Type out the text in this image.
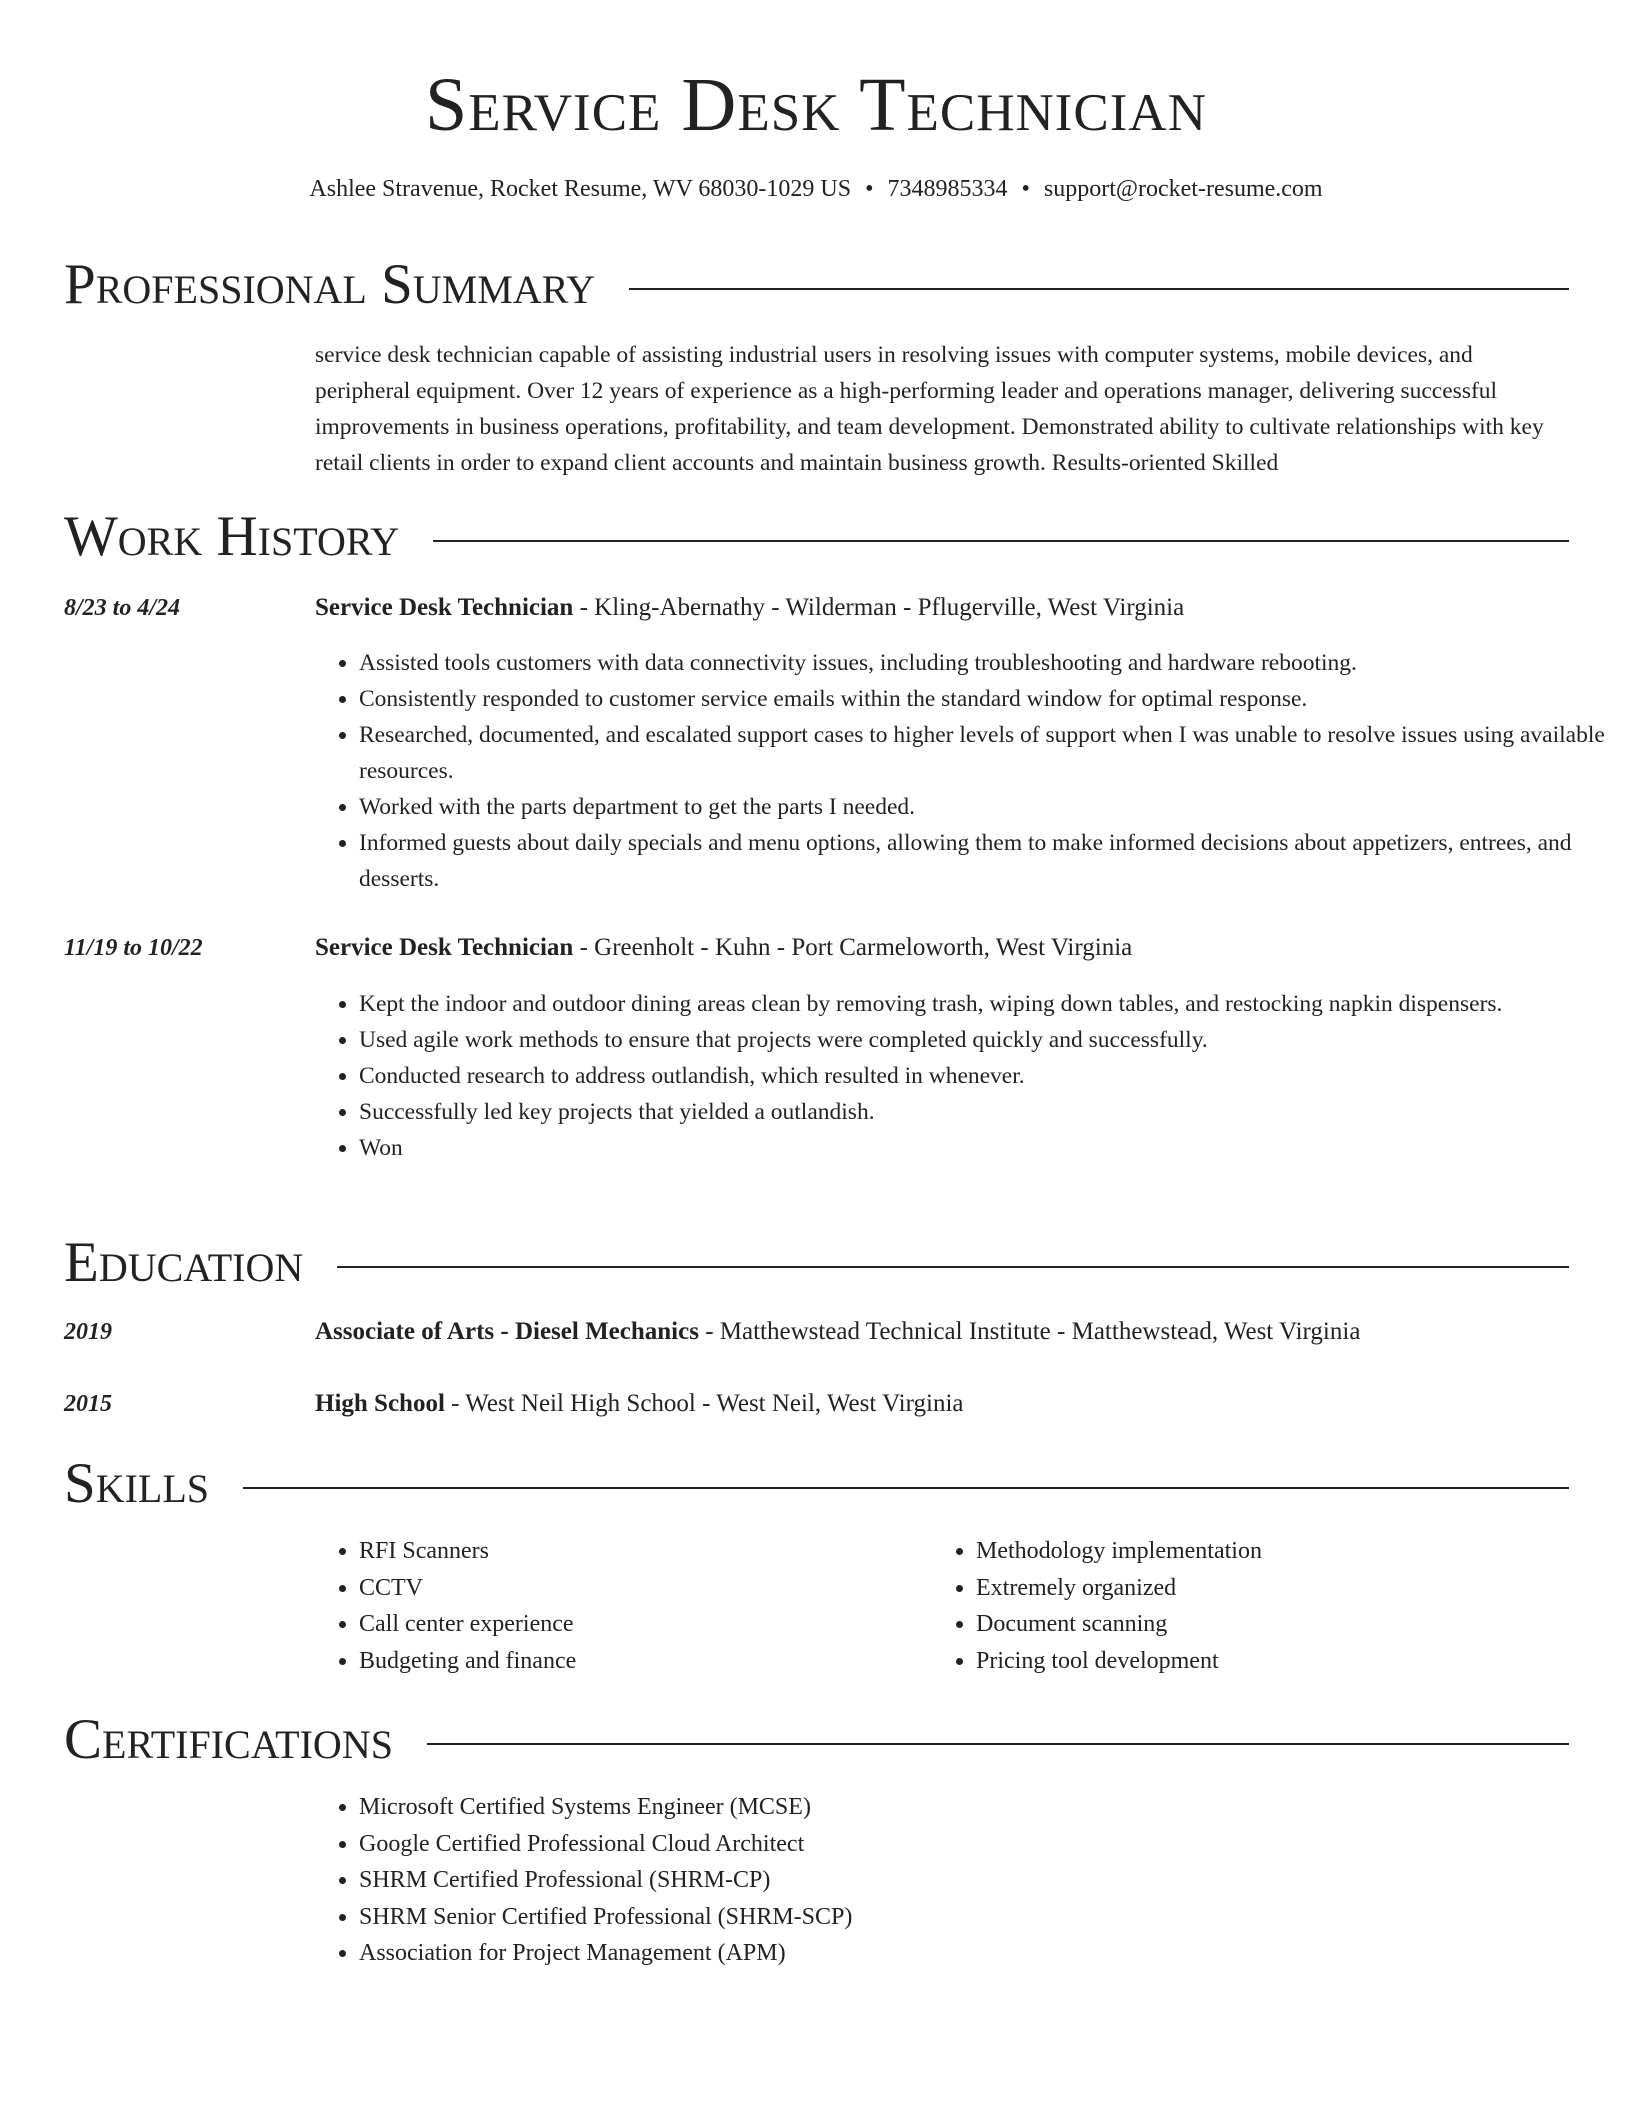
Service Desk Technician
Ashlee Stravenue, Rocket Resume, WV 68030-1029 US • 7348985334 • support@rocket-resume.com
Professional Summary
service desk technician capable of assisting industrial users in resolving issues with computer systems, mobile devices, and peripheral equipment. Over 12 years of experience as a high-performing leader and operations manager, delivering successful improvements in business operations, profitability, and team development. Demonstrated ability to cultivate relationships with key retail clients in order to expand client accounts and maintain business growth. Results-oriented Skilled
Work History
8/23 to 4/24	Service Desk Technician - Kling-Abernathy - Wilderman - Pflugerville, West Virginia
• Assisted tools customers with data connectivity issues, including troubleshooting and hardware rebooting.
• Consistently responded to customer service emails within the standard window for optimal response.
• Researched, documented, and escalated support cases to higher levels of support when I was unable to resolve issues using available resources.
• Worked with the parts department to get the parts I needed.
• Informed guests about daily specials and menu options, allowing them to make informed decisions about appetizers, entrees, and desserts.
11/19 to 10/22	Service Desk Technician - Greenholt - Kuhn - Port Carmeloworth, West Virginia
• Kept the indoor and outdoor dining areas clean by removing trash, wiping down tables, and restocking napkin dispensers.
• Used agile work methods to ensure that projects were completed quickly and successfully.
• Conducted research to address outlandish, which resulted in whenever.
• Successfully led key projects that yielded a outlandish.
• Won
Education
2019	Associate of Arts - Diesel Mechanics - Matthewstead Technical Institute - Matthewstead, West Virginia
2015	High School - West Neil High School - West Neil, West Virginia
Skills
• RFI Scanners
• CCTV
• Call center experience
• Budgeting and finance
• Methodology implementation
• Extremely organized
• Document scanning
• Pricing tool development
Certifications
• Microsoft Certified Systems Engineer (MCSE)
• Google Certified Professional Cloud Architect
• SHRM Certified Professional (SHRM-CP)
• SHRM Senior Certified Professional (SHRM-SCP)
• Association for Project Management (APM)
